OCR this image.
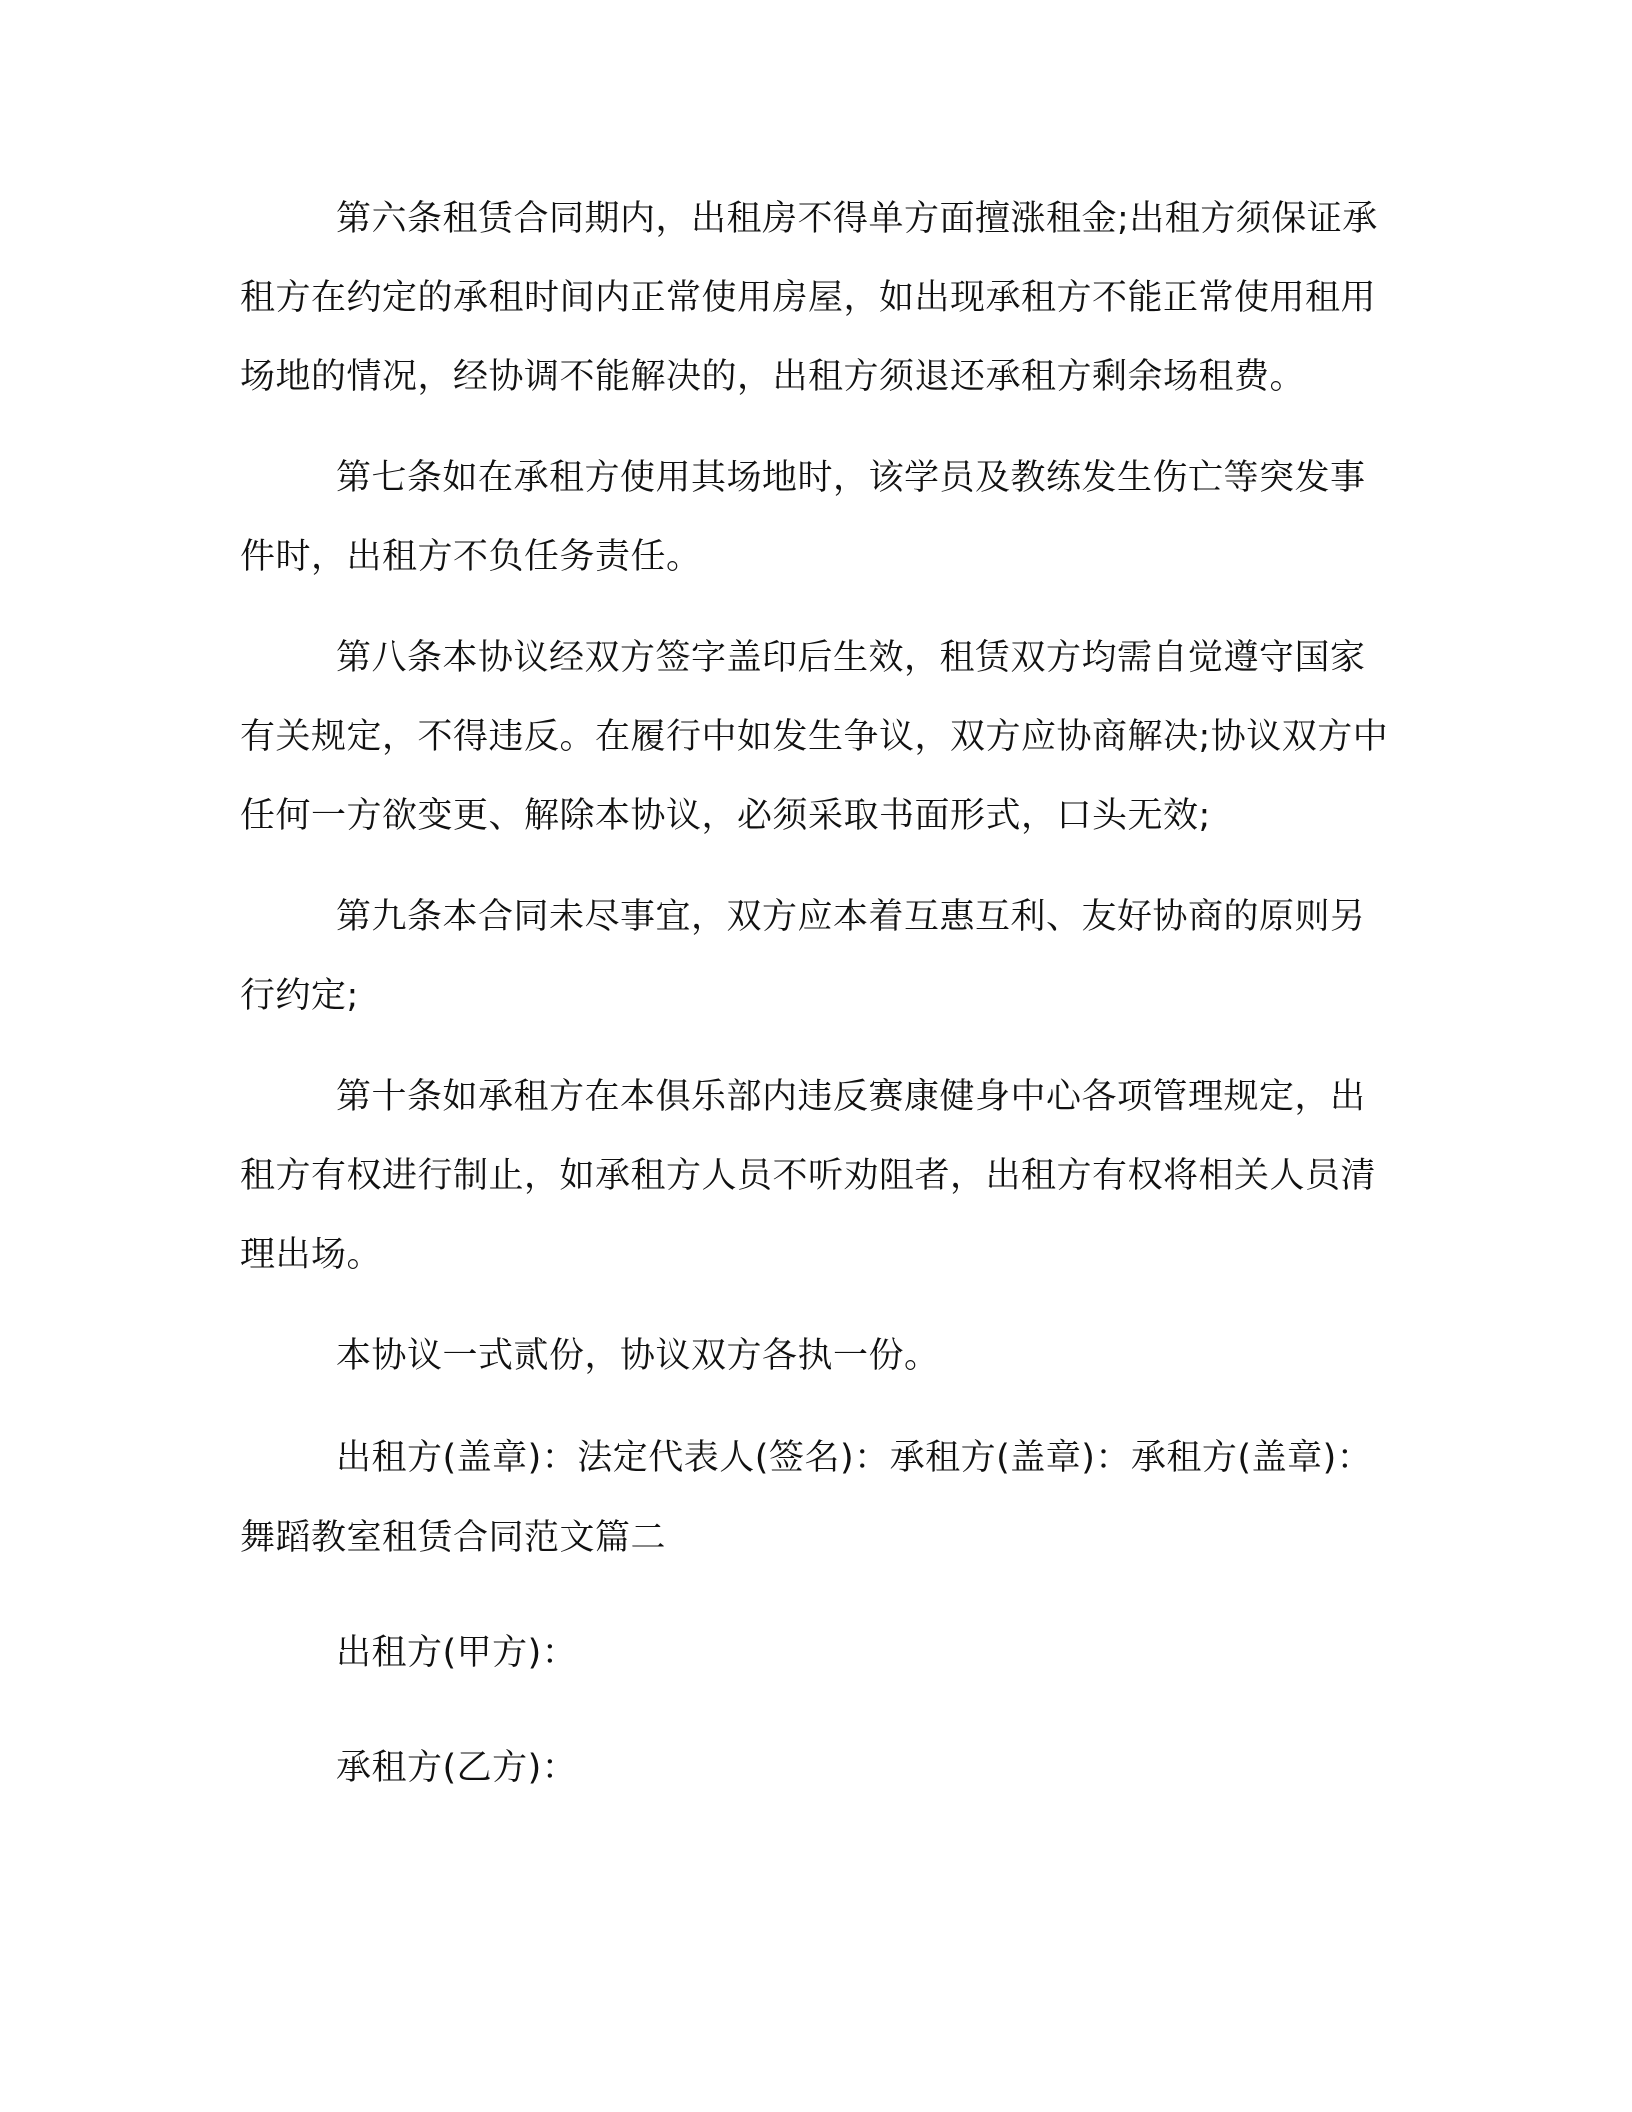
第六条租赁合同期内，出租房不得单方面擅涨租金;出租方须保证承租方在约定的承租时间内正常使用房屋，如出现承租方不能正常使用租用场地的情况，经协调不能解决的，出租方须退还承租方剩余场租费。

第七条如在承租方使用其场地时，该学员及教练发生伤亡等突发事件时，出租方不负任务责任。

第八条本协议经双方签字盖印后生效，租赁双方均需自觉遵守国家有关规定，不得违反。在履行中如发生争议，双方应协商解决;协议双方中任何一方欲变更、解除本协议，必须采取书面形式，口头无效;

第九条本合同未尽事宜，双方应本着互惠互利、友好协商的原则另行约定;

第十条如承租方在本俱乐部内违反赛康健身中心各项管理规定，出租方有权进行制止，如承租方人员不听劝阻者，出租方有权将相关人员清理出场。

本协议一式贰份，协议双方各执一份。

出租方(盖章)：法定代表人(签名)：承租方(盖章)：承租方(盖章)：舞蹈教室租赁合同范文篇二

出租方(甲方)：

承租方(乙方)：
